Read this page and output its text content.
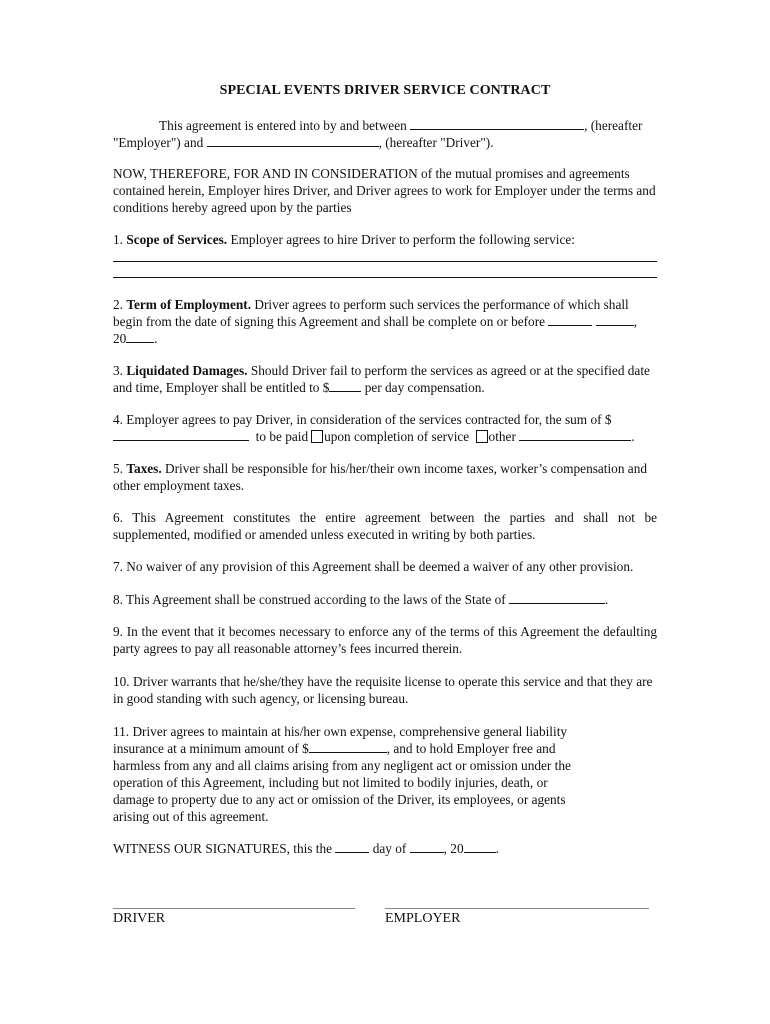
SPECIAL EVENTS DRIVER SERVICE CONTRACT

This agreement is entered into by and between	, (hereafter
"Employer") and	, (hereafter "Driver").

NOW, THEREFORE, FOR AND IN CONSIDERATION of the mutual promises and agreements contained herein, Employer hires Driver, and Driver agrees to work for Employer under the terms and conditions hereby agreed upon by the parties

1. Scope of Services. Employer agrees to hire Driver to perform the following service:

2. Term of Employment. Driver agrees to perform such services the performance of which shall begin from the date of signing this Agreement and shall be complete on or before	,
20 .

3. Liquidated Damages. Should Driver fail to perform the services as agreed or at the specified date and time, Employer shall be entitled to $	per day compensation.

4. Employer agrees to pay Driver, in consideration of the services contracted for, the sum of $
to be paid upon completion of service other	.

5. Taxes. Driver shall be responsible for his/her/their own income taxes, worker’s compensation and other employment taxes.

6. This Agreement constitutes the entire agreement between the parties and shall not be supplemented, modified or amended unless executed in writing by both parties.

7. No waiver of any provision of this Agreement shall be deemed a waiver of any other provision.

8. This Agreement shall be construed according to the laws of the State of	.

9. In the event that it becomes necessary to enforce any of the terms of this Agreement the defaulting party agrees to pay all reasonable attorney’s fees incurred therein.

10. Driver warrants that he/she/they have the requisite license to operate this service and that they are in good standing with such agency, or licensing bureau.

11. Driver agrees to maintain at his/her own expense, comprehensive general liability
insurance at a minimum amount of $	, and to hold Employer free and
harmless from any and all claims arising from any negligent act or omission under the
operation of this Agreement, including but not limited to bodily injuries, death, or
damage to property due to any act or omission of the Driver, its employees, or agents
arising out of this agreement.

WITNESS OUR SIGNATURES, this the	day of	, 20 .

DRIVER	EMPLOYER
